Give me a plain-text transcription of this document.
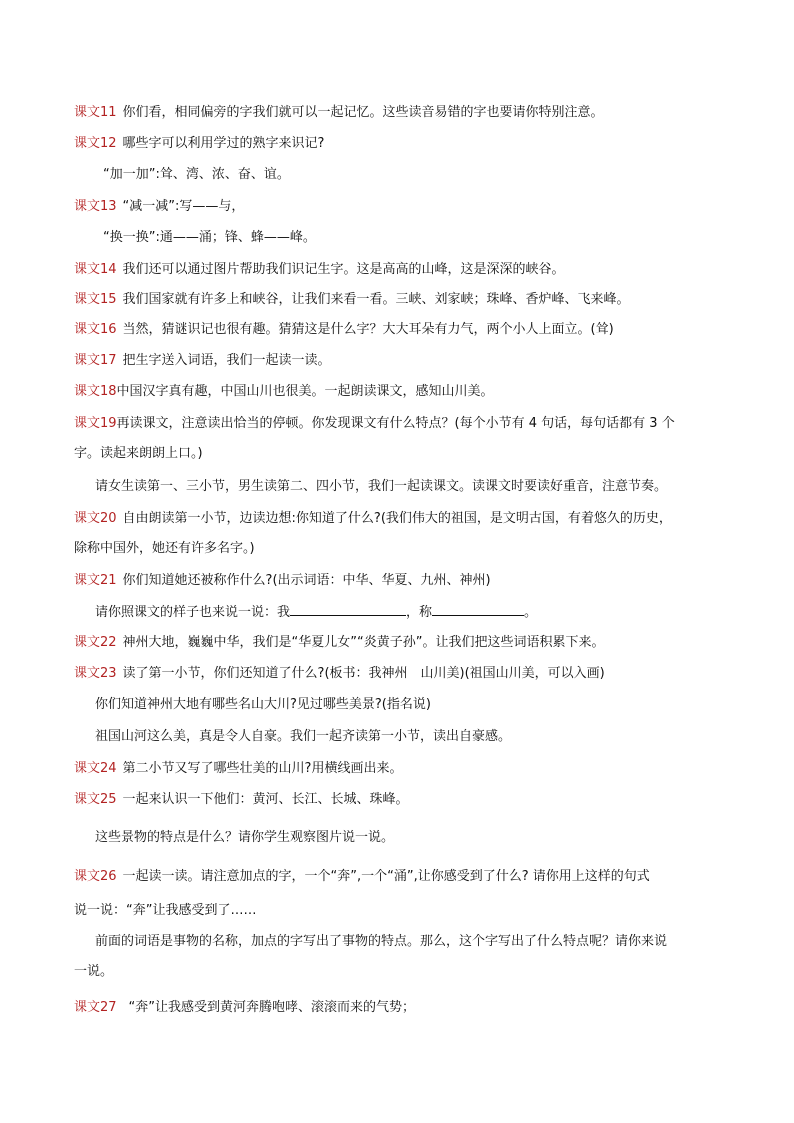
课文11 你们看，相同偏旁的字我们就可以一起记忆。这些读音易错的字也要请你特别注意。
课文12 哪些字可以利用学过的熟字来识记?
“加一加”:耸、湾、浓、奋、谊。
课文13 “减一减”:写——与，
“换一换”:通——涌；锋、蜂——峰。
课文14 我们还可以通过图片帮助我们识记生字。这是高高的山峰，这是深深的峡谷。
课文15 我们国家就有许多上和峡谷，让我们来看一看。三峡、刘家峡；珠峰、香炉峰、飞来峰。
课文16 当然，猜谜识记也很有趣。猜猜这是什么字？大大耳朵有力气，两个小人上面立。(耸)
课文17 把生字送入词语，我们一起读一读。
课文18中国汉字真有趣，中国山川也很美。一起朗读课文，感知山川美。
课文19再读课文，注意读出恰当的停顿。你发现课文有什么特点？(每个小节有 4 句话，每句话都有 3 个
字。读起来朗朗上口。)
请女生读第一、三小节，男生读第二、四小节，我们一起读课文。读课文时要读好重音，注意节奏。
课文20 自由朗读第一小节，边读边想:你知道了什么?(我们伟大的祖国，是文明古国，有着悠久的历史，
除称中国外，她还有许多名字。)
课文21 你们知道她还被称作什么?(出示词语：中华、华夏、九州、神州)
请你照课文的样子也来说一说：我	，称	。
课文22 神州大地，巍巍中华，我们是“华夏儿女”“炎黄子孙”。让我们把这些词语积累下来。
课文23 读了第一小节，你们还知道了什么?(板书：我神州　山川美)(祖国山川美，可以入画)
你们知道神州大地有哪些名山大川?见过哪些美景?(指名说)
祖国山河这么美，真是令人自豪。我们一起齐读第一小节，读出自豪感。
课文24 第二小节又写了哪些壮美的山川?用横线画出来。
课文25 一起来认识一下他们：黄河、长江、长城、珠峰。
这些景物的特点是什么？请你学生观察图片说一说。
课文26 一起读一读。请注意加点的字，一个“奔”,一个“涌”,让你感受到了什么? 请你用上这样的句式
说一说：“奔”让我感受到了……
前面的词语是事物的名称，加点的字写出了事物的特点。那么，这个字写出了什么特点呢？请你来说
一说。
课文27 “奔”让我感受到黄河奔腾咆哮、滚滚而来的气势；
